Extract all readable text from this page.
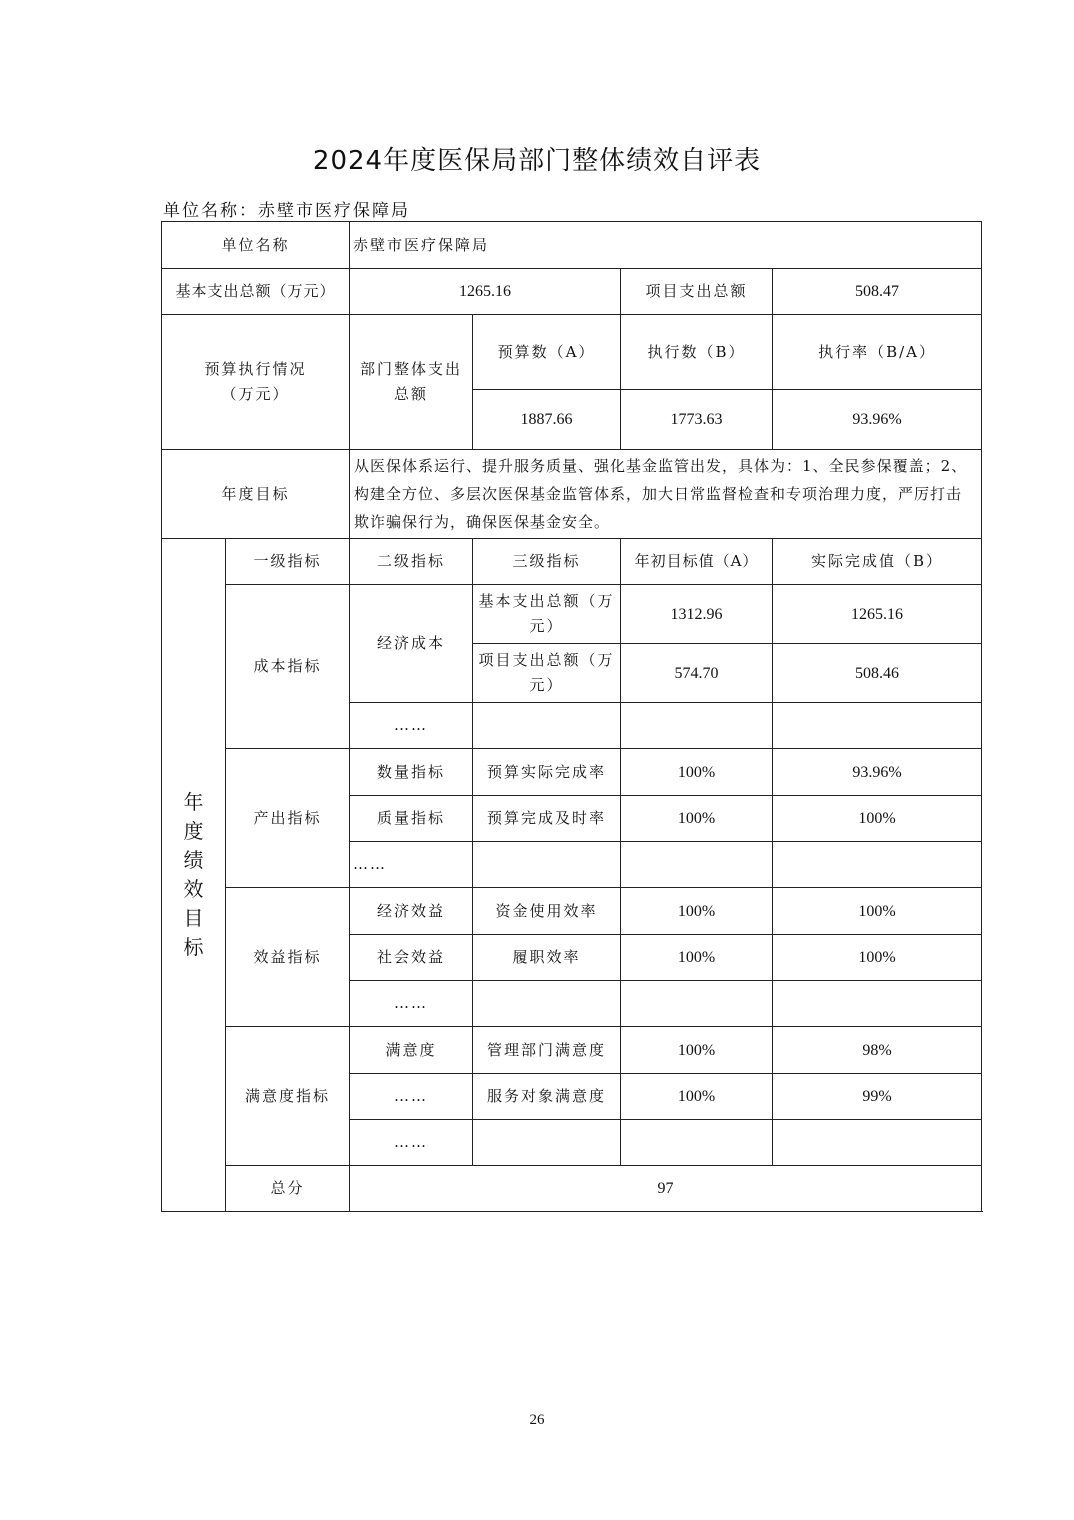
2024年度医保局部门整体绩效自评表
单位名称：赤壁市医疗保障局
单位名称		赤壁市医疗保障局			
基本支出总额（万元）		1265.16		项目支出总额	508.47
预算执行情况（万元）		部门整体支出总额	预算数（A）	执行数（B）	执行率（B/A）
			1887.66	1773.63	93.96%
年度目标		从医保体系运行、提升服务质量、强化基金监管出发，具体为：1、全民参保覆盖；2、构建全方位、多层次医保基金监管体系，加大日常监督检查和专项治理力度，严厉打击欺诈骗保行为，确保医保基金安全。			
年度绩效目标	一级指标	二级指标	三级指标	年初目标值（A）	实际完成值（B）
	成本指标	经济成本	基本支出总额（万元）	1312.96	1265.16
			项目支出总额（万元）	574.70	508.46
		……			
	产出指标	数量指标	预算实际完成率	100%	93.96%
		质量指标	预算完成及时率	100%	100%
		……			
	效益指标	经济效益	资金使用效率	100%	100%
		社会效益	履职效率	100%	100%
		……			
	满意度指标	满意度	管理部门满意度	100%	98%
		……	服务对象满意度	100%	99%
		……			
	总分	97			
26
